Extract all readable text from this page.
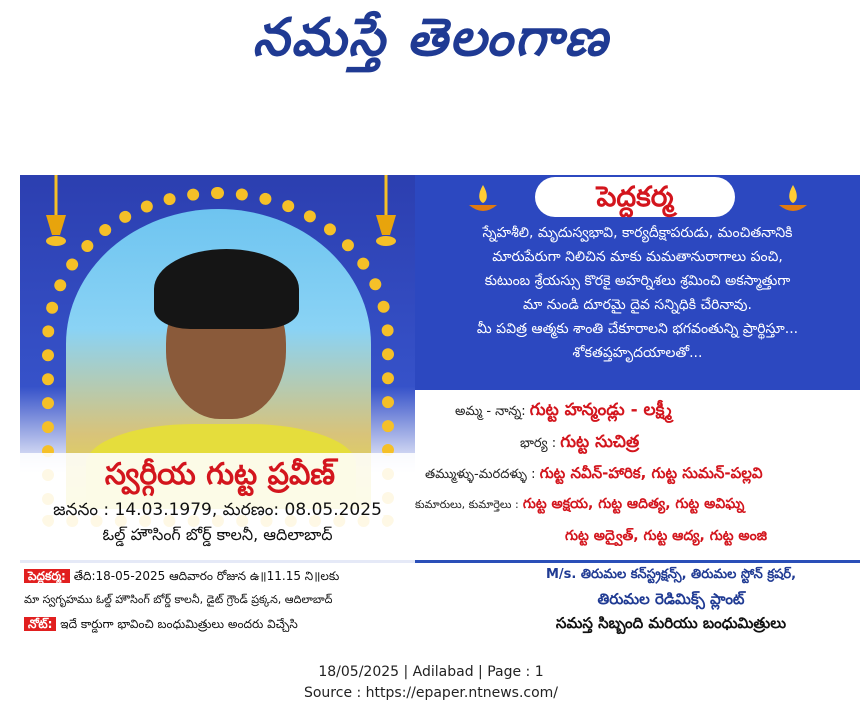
నమస్తే తెలంగాణ
స్వర్గీయ గుట్ట ప్రవీణ్
జననం : 14.03.1979, మరణం: 08.05.2025
ఓల్డ్ హౌసింగ్ బోర్డ్ కాలనీ, ఆదిలాబాద్
పెద్దకర్మ
స్నేహశీలి, మృదుస్వభావి, కార్యదీక్షాపరుడు, మంచితనానికి
మారుపేరుగా నిలిచిన మాకు మమతానురాగాలు పంచి,
కుటుంబ శ్రేయస్సు కొరకై అహర్నిశలు శ్రమించి అకస్మాత్తుగా
మా నుండి దూరమై దైవ సన్నిధికి చేరినావు.
మీ పవిత్ర ఆత్మకు శాంతి చేకూరాలని భగవంతున్ని ప్రార్థిస్తూ...
శోకతప్తహృదయాలతో...
అమ్మ - నాన్న: గుట్ట హన్మండ్లు - లక్ష్మీ
భార్య : గుట్ట సుచిత్ర
తమ్ముళ్ళు-మరదళ్ళు : గుట్ట నవీన్-హారిక, గుట్ట సుమన్-పల్లవి
కుమారులు, కుమార్తెలు : గుట్ట అక్షయ, గుట్ట ఆదిత్య, గుట్ట అవిఘ్న
గుట్ట అద్వైత్, గుట్ట ఆద్య, గుట్ట అంజి
పెద్దకర్మ: తేది:18-05-2025 ఆదివారం రోజున ఉ॥11.15 ని॥లకు
మా స్వగృహము ఓల్డ్ హౌసింగ్ బోర్డ్ కాలనీ, డైట్ గ్రౌండ్ ప్రక్కన, ఆదిలాబాద్
నోట్: ఇదే కార్డుగా భావించి బంధుమిత్రులు అందరు విచ్చేసి
M/s. తిరుమల కన్‌స్ట్రక్షన్స్, తిరుమల స్టోన్ క్రషర్,
తిరుమల రెడిమిక్స్ ప్లాంట్
సమస్త సిబ్బంది మరియు బంధుమిత్రులు
18/05/2025 | Adilabad | Page : 1
Source : https://epaper.ntnews.com/
